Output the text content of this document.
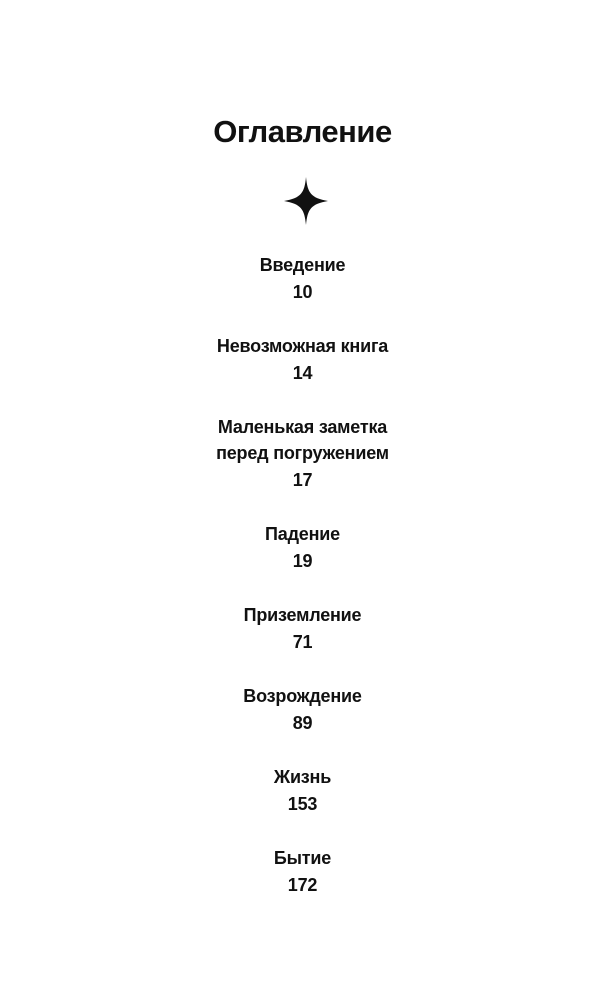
Оглавление
Введение
10
Невозможная книга
14
Маленькая заметка
перед погружением
17
Падение
19
Приземление
71
Возрождение
89
Жизнь
153
Бытие
172
